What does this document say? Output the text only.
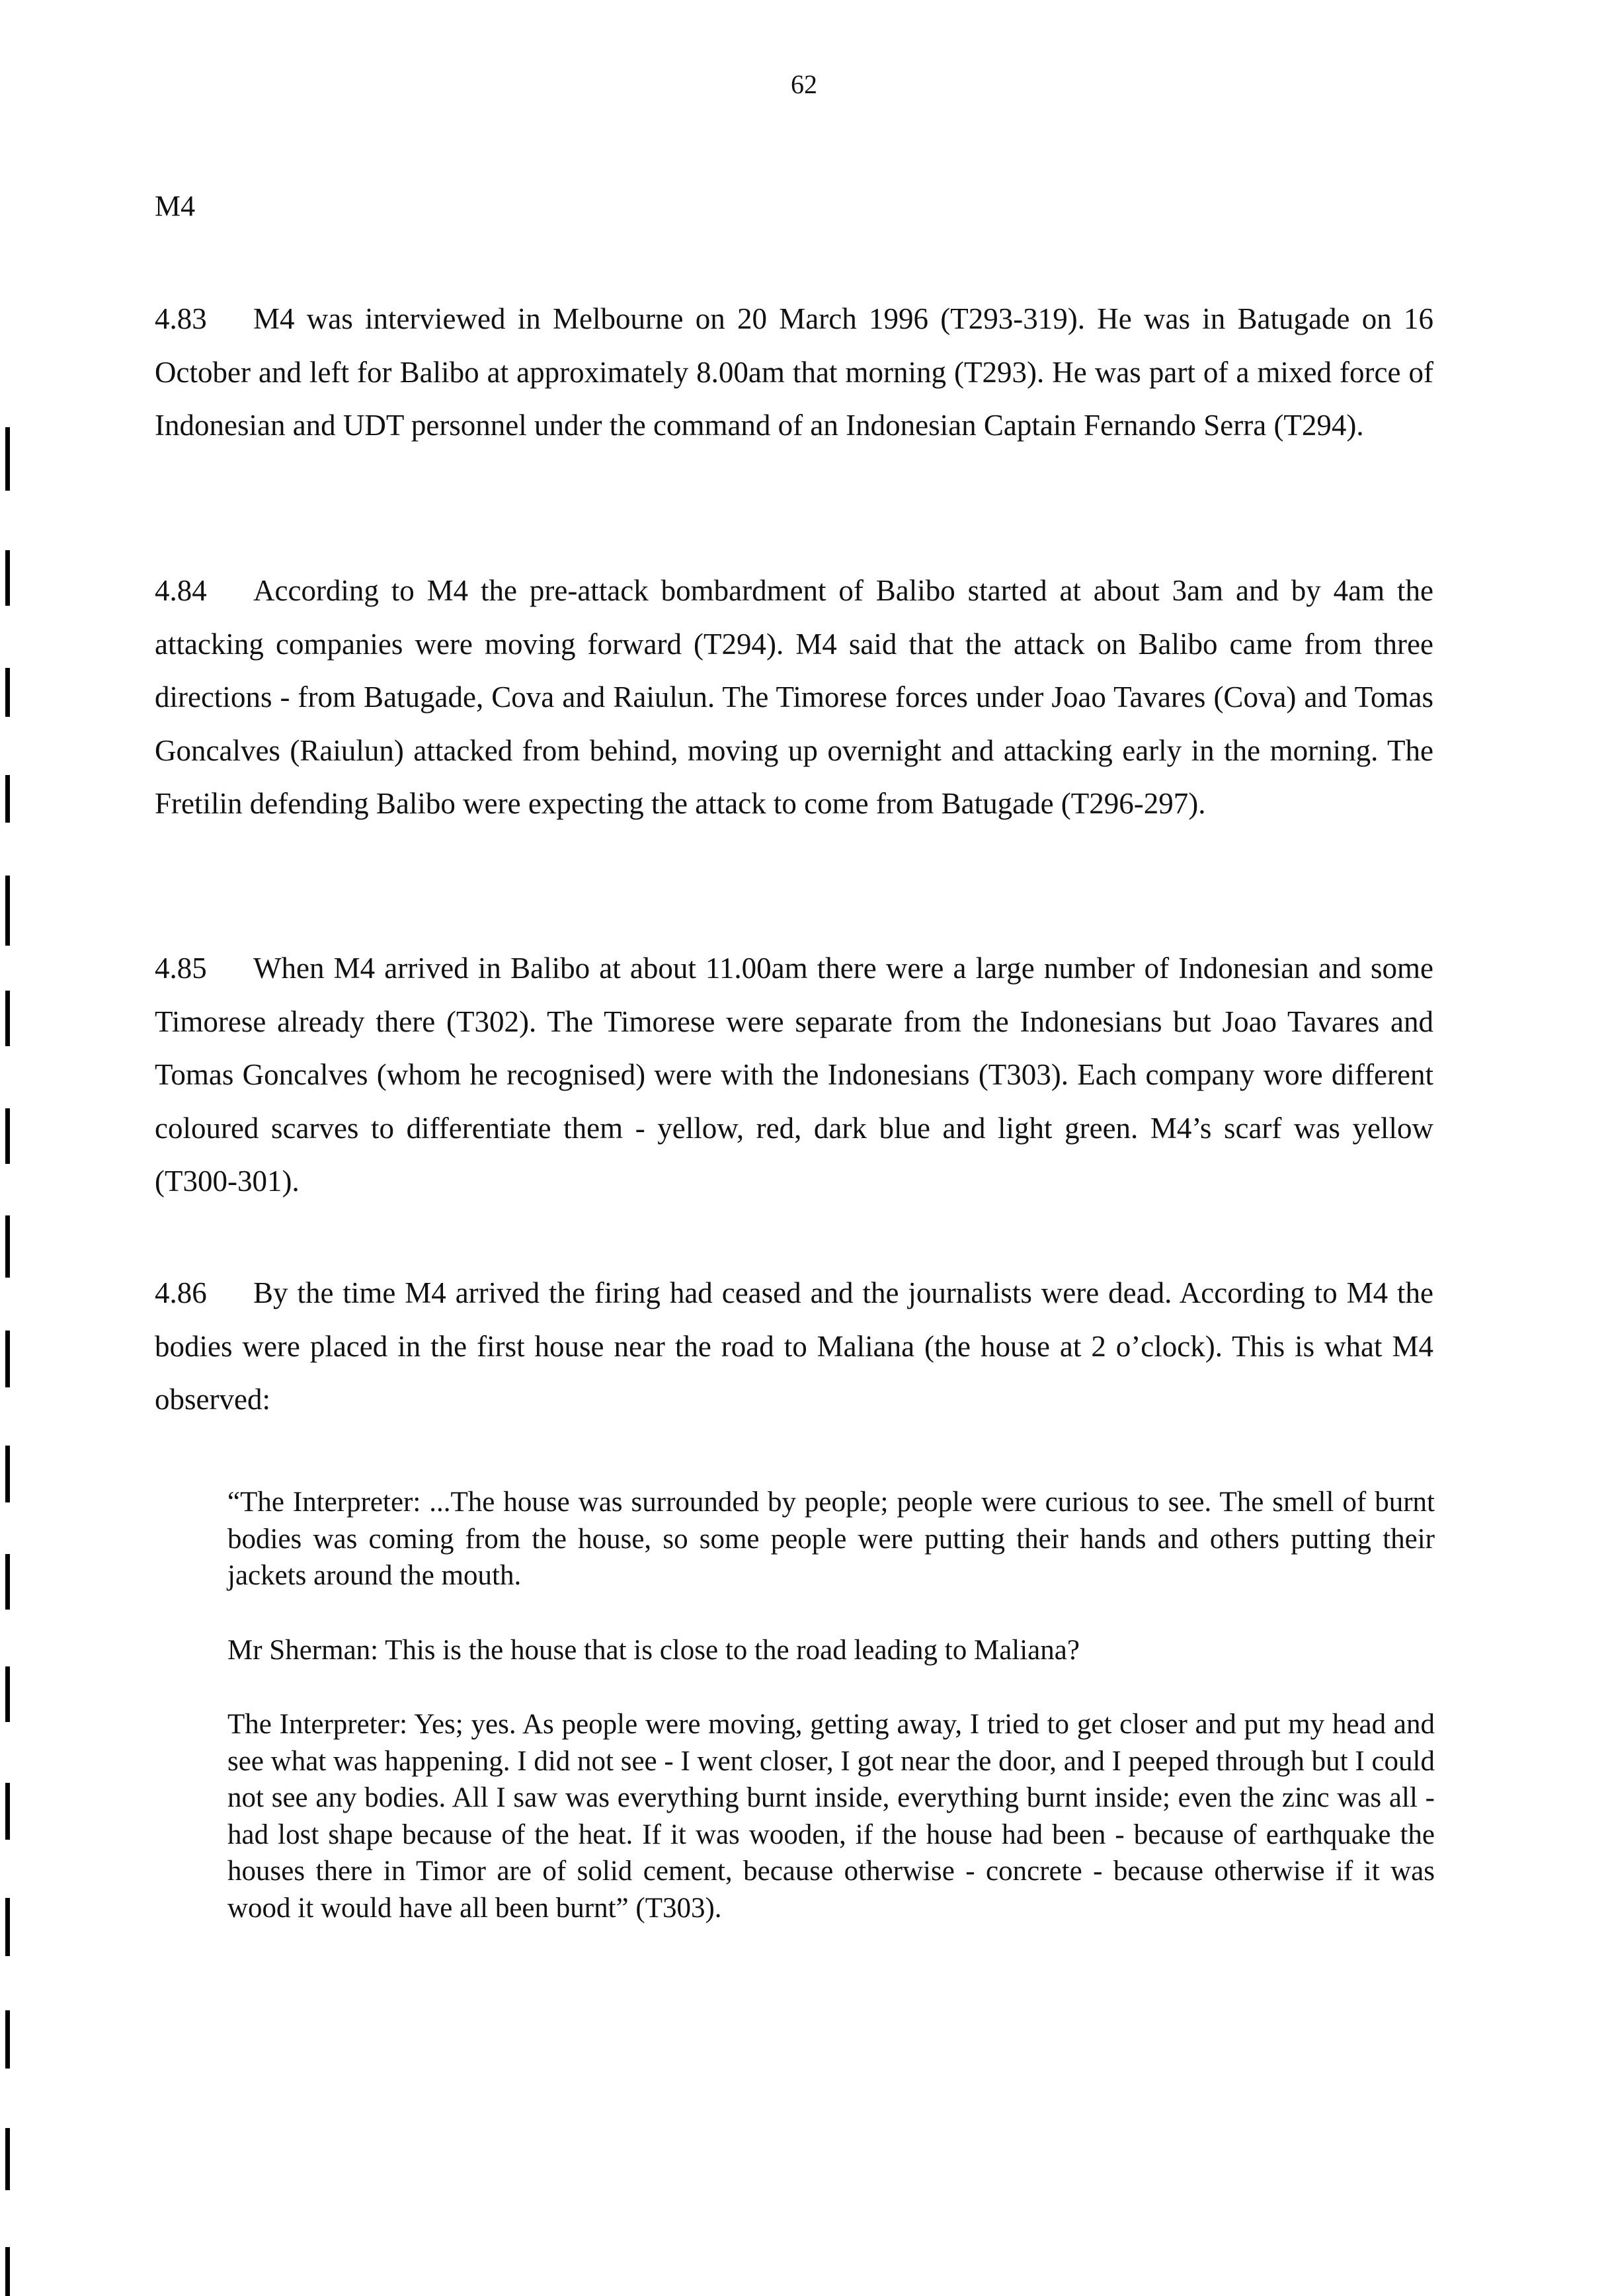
62
M4

4.83 M4 was interviewed in Melbourne on 20 March 1996 (T293-319). He was in Batugade on 16 October and left for Balibo at approximately 8.00am that morning (T293). He was part of a mixed force of Indonesian and UDT personnel under the command of an Indonesian Captain Fernando Serra (T294).

4.84 According to M4 the pre-attack bombardment of Balibo started at about 3am and by 4am the attacking companies were moving forward (T294). M4 said that the attack on Balibo came from three directions - from Batugade, Cova and Raiulun. The Timorese forces under Joao Tavares (Cova) and Tomas Goncalves (Raiulun) attacked from behind, moving up overnight and attacking early in the morning. The Fretilin defending Balibo were expecting the attack to come from Batugade (T296-297).

4.85 When M4 arrived in Balibo at about 11.00am there were a large number of Indonesian and some Timorese already there (T302). The Timorese were separate from the Indonesians but Joao Tavares and Tomas Goncalves (whom he recognised) were with the Indonesians (T303). Each company wore different coloured scarves to differentiate them - yellow, red, dark blue and light green. M4’s scarf was yellow (T300-301).

4.86 By the time M4 arrived the firing had ceased and the journalists were dead. According to M4 the bodies were placed in the first house near the road to Maliana (the house at 2 o’clock). This is what M4 observed:

“The Interpreter: ...The house was surrounded by people; people were curious to see. The smell of burnt bodies was coming from the house, so some people were putting their hands and others putting their jackets around the mouth.

Mr Sherman: This is the house that is close to the road leading to Maliana?

The Interpreter: Yes; yes. As people were moving, getting away, I tried to get closer and put my head and see what was happening. I did not see - I went closer, I got near the door, and I peeped through but I could not see any bodies. All I saw was everything burnt inside, everything burnt inside; even the zinc was all - had lost shape because of the heat. If it was wooden, if the house had been - because of earthquake the houses there in Timor are of solid cement, because otherwise - concrete - because otherwise if it was wood it would have all been burnt” (T303).
